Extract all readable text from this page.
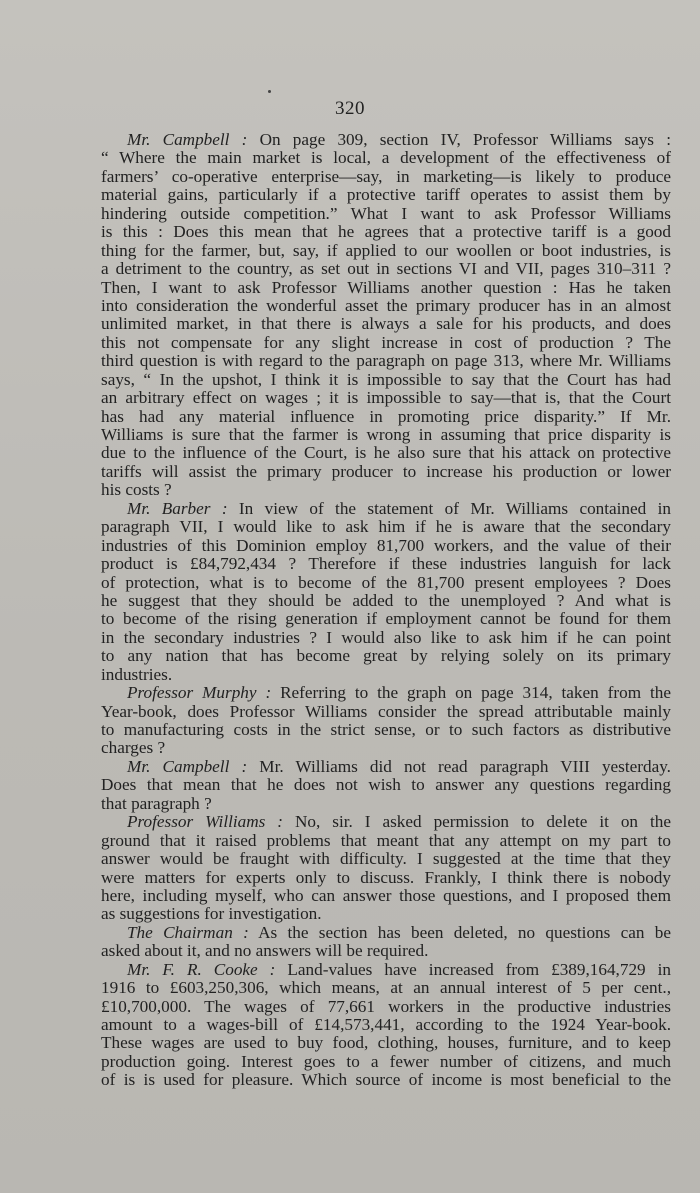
320
Mr. Campbell : On page 309, section IV, Professor Williams says :
“ Where the main market is local, a development of the effectiveness of
farmers’ co-operative enterprise—say, in marketing—is likely to produce
material gains, particularly if a protective tariff operates to assist them by
hindering outside competition.” What I want to ask Professor Williams
is this : Does this mean that he agrees that a protective tariff is a good
thing for the farmer, but, say, if applied to our woollen or boot industries, is
a detriment to the country, as set out in sections VI and VII, pages 310–311 ?
Then, I want to ask Professor Williams another question : Has he taken
into consideration the wonderful asset the primary producer has in an almost
unlimited market, in that there is always a sale for his products, and does
this not compensate for any slight increase in cost of production ? The
third question is with regard to the paragraph on page 313, where Mr. Williams
says, “ In the upshot, I think it is impossible to say that the Court has had
an arbitrary effect on wages ; it is impossible to say—that is, that the Court
has had any material influence in promoting price disparity.” If Mr.
Williams is sure that the farmer is wrong in assuming that price disparity is
due to the influence of the Court, is he also sure that his attack on protective
tariffs will assist the primary producer to increase his production or lower
his costs ?
Mr. Barber : In view of the statement of Mr. Williams contained in
paragraph VII, I would like to ask him if he is aware that the secondary
industries of this Dominion employ 81,700 workers, and the value of their
product is £84,792,434 ? Therefore if these industries languish for lack
of protection, what is to become of the 81,700 present employees ? Does
he suggest that they should be added to the unemployed ? And what is
to become of the rising generation if employment cannot be found for them
in the secondary industries ? I would also like to ask him if he can point
to any nation that has become great by relying solely on its primary
industries.
Professor Murphy : Referring to the graph on page 314, taken from the
Year-book, does Professor Williams consider the spread attributable mainly
to manufacturing costs in the strict sense, or to such factors as distributive
charges ?
Mr. Campbell : Mr. Williams did not read paragraph VIII yesterday.
Does that mean that he does not wish to answer any questions regarding
that paragraph ?
Professor Williams : No, sir. I asked permission to delete it on the
ground that it raised problems that meant that any attempt on my part to
answer would be fraught with difficulty. I suggested at the time that they
were matters for experts only to discuss. Frankly, I think there is nobody
here, including myself, who can answer those questions, and I proposed them
as suggestions for investigation.
The Chairman : As the section has been deleted, no questions can be
asked about it, and no answers will be required.
Mr. F. R. Cooke : Land-values have increased from £389,164,729 in
1916 to £603,250,306, which means, at an annual interest of 5 per cent.,
£10,700,000. The wages of 77,661 workers in the productive industries
amount to a wages-bill of £14,573,441, according to the 1924 Year-book.
These wages are used to buy food, clothing, houses, furniture, and to keep
production going. Interest goes to a fewer number of citizens, and much
of is is used for pleasure. Which source of income is most beneficial to the
